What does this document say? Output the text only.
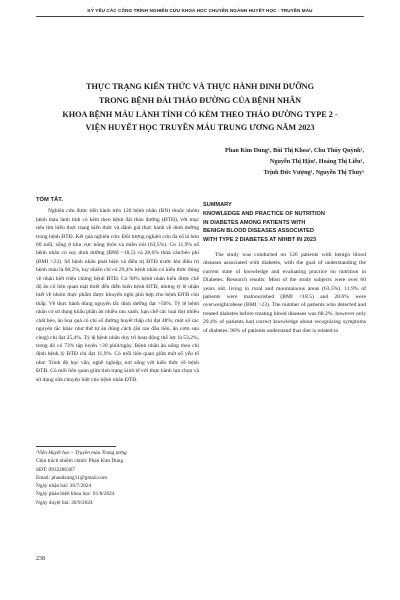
KỶ YẾU CÁC CÔNG TRÌNH NGHIÊN CỨU KHOA HỌC CHUYÊN NGÀNH HUYẾT HỌC - TRUYỀN MÁU
THỰC TRẠNG KIẾN THỨC VÀ THỰC HÀNH DINH DƯỠNG
TRONG BỆNH ĐÁI THÁO ĐƯỜNG CỦA BỆNH NHÂN
KHOA BỆNH MÁU LÀNH TÍNH CÓ KÈM THEO THÁO ĐƯỜNG TYPE 2 -
VIỆN HUYẾT HỌC TRUYỀN MÁU TRUNG ƯƠNG NĂM 2023
Phan Kim Dung¹, Bùi Thị Khoa¹, Chu Thúy Quỳnh¹,
Nguyễn Thị Hậu¹, Hoàng Thị Liễu¹,
Trịnh Đức Vượng¹, Nguyễn Thị Thủy¹
TÓM TẮT.

Nghiên cứu được tiến hành trên 126 bệnh nhân (BN) thuộc nhóm bệnh máu lành tính có kèm theo bệnh đái tháo đường (ĐTĐ), với mục tiêu tìm hiểu thực trạng kiến thức và đánh giá thực hành về dinh dưỡng trong bệnh ĐTĐ. Kết quả nghiên cứu: Đối tượng nghiên cứu đa số là hơn 60 tuổi, sống ở khu vực nông thôn và miền núi (63,5%). Có 11,9% số bệnh nhân có suy dinh dưỡng (BMI <18,5) và 28,6% thừa cân/béo phì (BMI >23). Số bệnh nhân phát hiện và điều trị ĐTĐ trước khi điều trị bệnh máu là 68,2%, tuy nhiên chỉ có 29,4% bệnh nhân có kiến thức đúng về nhận biết triệu chứng bệnh ĐTĐ. Có 98% bệnh nhân hiểu được chế độ ăn có liên quan mật thiết đến diễn biến bệnh ĐTĐ, nhưng tỷ lệ nhận biết về nhóm thực phẩm được khuyến nghị phù hợp cho bệnh ĐTĐ còn thấp. Về thực hành dùng nguyên tắc dinh dưỡng đạt >50%. Tỷ lệ bệnh nhân có sử dụng khẩu phần ăn nhiều rau xanh, hạn chế các loại thịt nhiều chất béo, ăn hoa quả có chỉ số đường huyết thấp chỉ đạt 48%; một số các nguyên tắc khác như thứ tự ăn đúng cách (ăn rau đầu tiên, ăn cơm sau cùng) chỉ đạt 25,4%. Tỷ lệ bệnh nhân duy trì hoạt động thể lực là 53,2%, trong đó có 73% tập luyện >30 phút/ngày. Bệnh nhân ăn uống theo chỉ định bệnh lý ĐTĐ chỉ đạt 11,9%. Có mối liên quan giữa một số yếu tố như: Trình độ học vấn, nghề nghiệp, nơi sống với kiến thức về bệnh ĐTĐ. Có mối liên quan giữa tình trạng kinh tế với thực hành lựa chọn và sử dụng sữa chuyên biệt cho bệnh nhân ĐTĐ.

SUMMARY
KNOWLEDGE AND PRACTICE OF NUTRITION
IN DIABETES AMONG PATIENTS WITH
BENIGN BLOOD DISEASES ASSOCIATED
WITH TYPE 2 DIABETES AT NIHBT IN 2023

The study was conducted on 126 patients with benign blood diseases associated with diabetes, with the goal of understanding the current state of knowledge and evaluating practice on nutrition in Diabetes. Research results: Most of the study subjects were over 60 years old, living in rural and mountainous areas (63.5%). 11.9% of patients were malnourished (BMI <18.5) and 28.6% were overweight/obese (BMI >23). The number of patients who detected and treated diabetes before treating blood diseases was 68.2%, however only 29.4% of patients had correct knowledge about recognizing symptoms of diabetes. 98% of patients understand that diet is related to

¹Viện Huyết học – Truyền máu Trung ương
Chịu trách nhiệm chính: Phan Kim Dung
SĐT: 0932286367
Email: phandzung11@gmail.com
Ngày nhận bài: 30/7/2024
Ngày phản biện khoa học: 01/8/2024
Ngày duyệt bài: 30/9/2024
238
